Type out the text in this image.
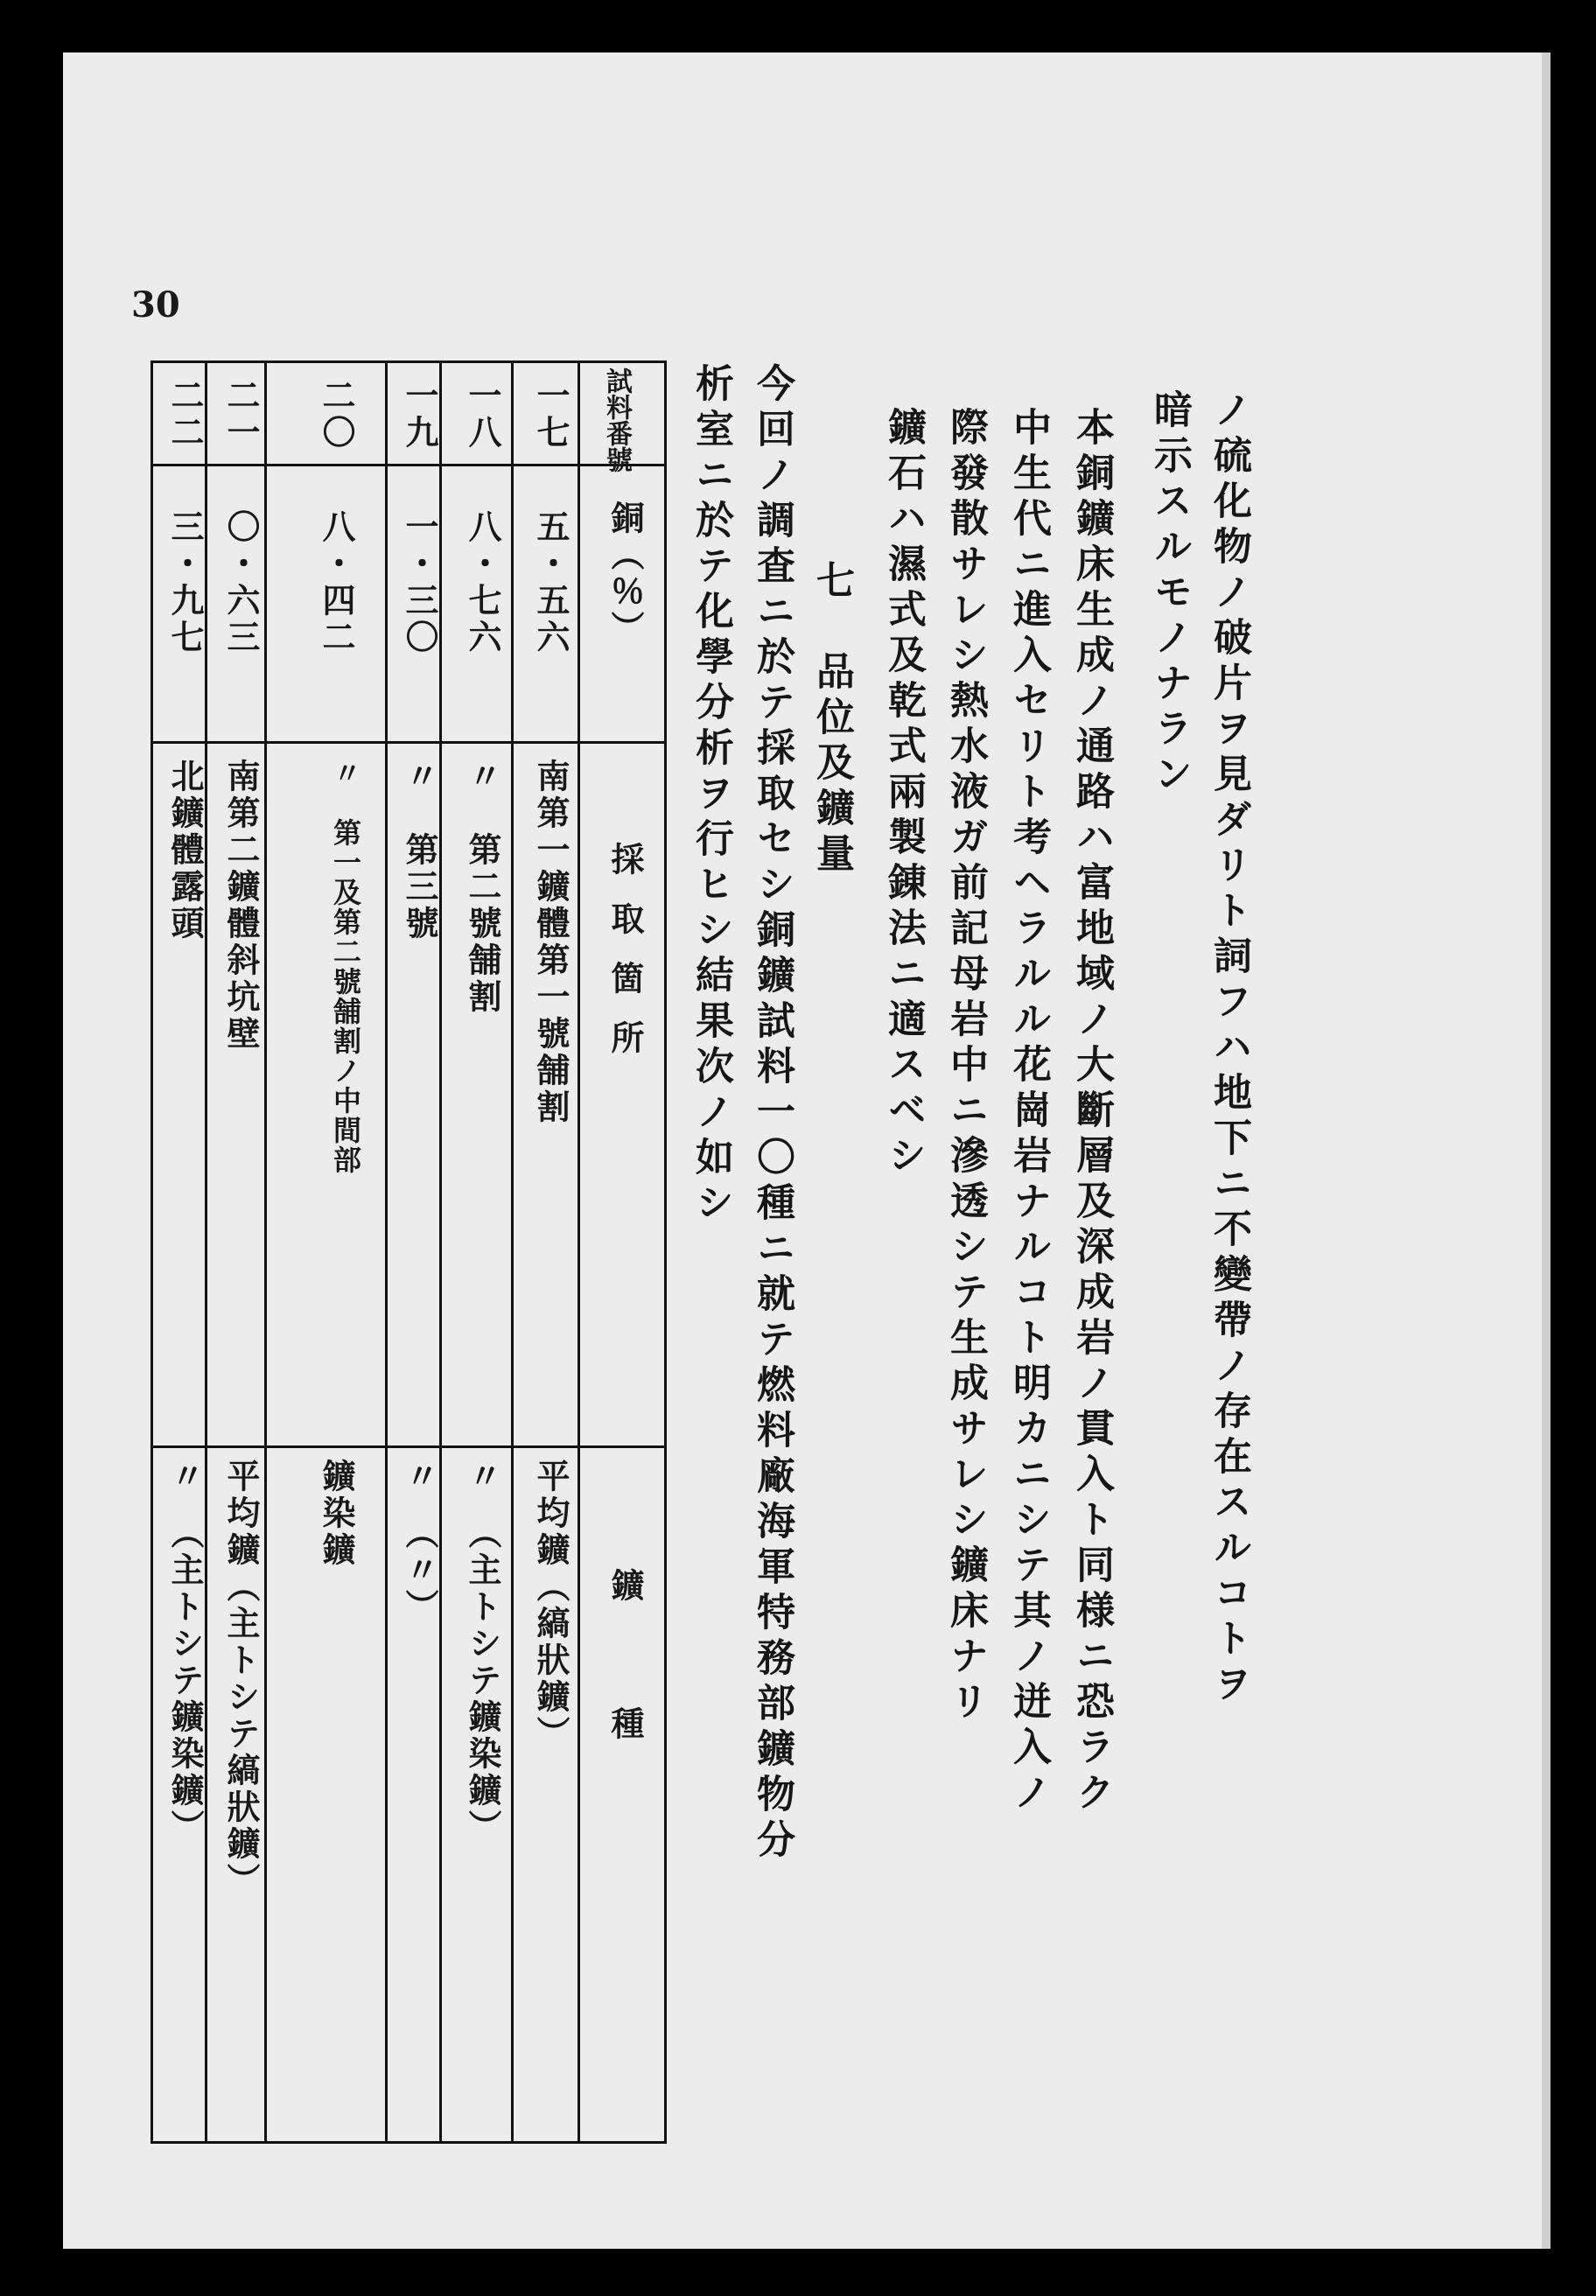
30
ノ硫化物ノ破片ヲ見ダリト詞フハ地下ニ不變帶ノ存在スルコトヲ
暗示スルモノナラン
本銅鑛床生成ノ通路ハ富地域ノ大斷層及深成岩ノ貫入ト同様ニ恐ラク
中生代ニ進入セリト考ヘラルル花崗岩ナルコト明カニシテ其ノ迸入ノ
際發散サレシ熱水液ガ前記母岩中ニ滲透シテ生成サレシ鑛床ナリ
鑛石ハ濕式及乾式兩製錬法ニ適スベシ
七　品位及鑛量
今回ノ調査ニ於テ採取セシ銅鑛試料一〇種ニ就テ燃料廠海軍特務部鑛物分
析室ニ於テ化學分析ヲ行ヒシ結果次ノ如シ
試料番號
銅（％）
採取箇所
鑛種
一七
五・五六
南第一鑛體第一號舗割
平均鑛（縞狀鑛）
一八
八・七六
〃　第二號舗割
〃　（主トシテ鑛染鑛）
一九
一・三〇
〃　第三號
〃　（〃）
二〇
八・四二
〃　第一及第二號舗割ノ中間部
鑛染鑛
二一
〇・六三
南第二鑛體斜坑壁
平均鑛（主トシテ縞狀鑛）
二二
三・九七
北鑛體露頭
〃　（主トシテ鑛染鑛）
